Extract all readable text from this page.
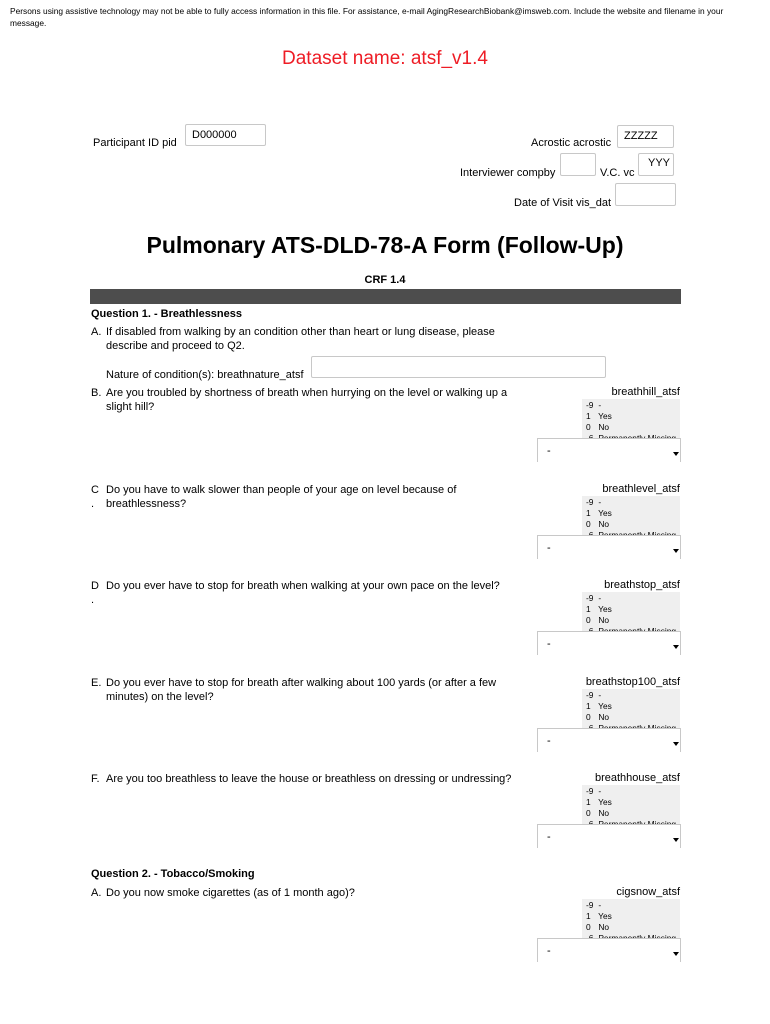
Persons using assistive technology may not be able to fully access information in this file. For assistance, e-mail AgingResearchBiobank@imsweb.com. Include the website and filename in your message.
Dataset name: atsf_v1.4
Participant ID pid
D000000
Acrostic acrostic
ZZZZZ
Interviewer compby	V.C. vc
YYY
Date of Visit vis_dat
Pulmonary ATS-DLD-78-A Form (Follow-Up)
CRF 1.4
Question 1. - Breathlessness
A. If disabled from walking by an condition other than heart or lung disease, please describe and proceed to Q2.
Nature of condition(s): breathnature_atsf
B. Are you troubled by shortness of breath when hurrying on the level or walking up a slight hill?
breathhill_atsf
-9 -
1 Yes
0 No
-
C
.
Do you have to walk slower than people of your age on level because of breathlessness?
breathlevel_atsf
-9 -
1 Yes
0 No
-
D
.
Do you ever have to stop for breath when walking at your own pace on the level?	breathstop_atsf
-9 -
1 Yes
0 No
-
E. Do you ever have to stop for breath after walking about 100 yards (or after a few minutes) on the level?
breathstop100_atsf
-9 -
1 Yes
0 No
-
F. Are you too breathless to leave the house or breathless on dressing or undressing?	breathhouse_atsf
-9 -
1 Yes
0 No
-
Question 2. - Tobacco/Smoking
A. Do you now smoke cigarettes (as of 1 month ago)?	cigsnow_atsf
-9 -
1 Yes
0 No
-
